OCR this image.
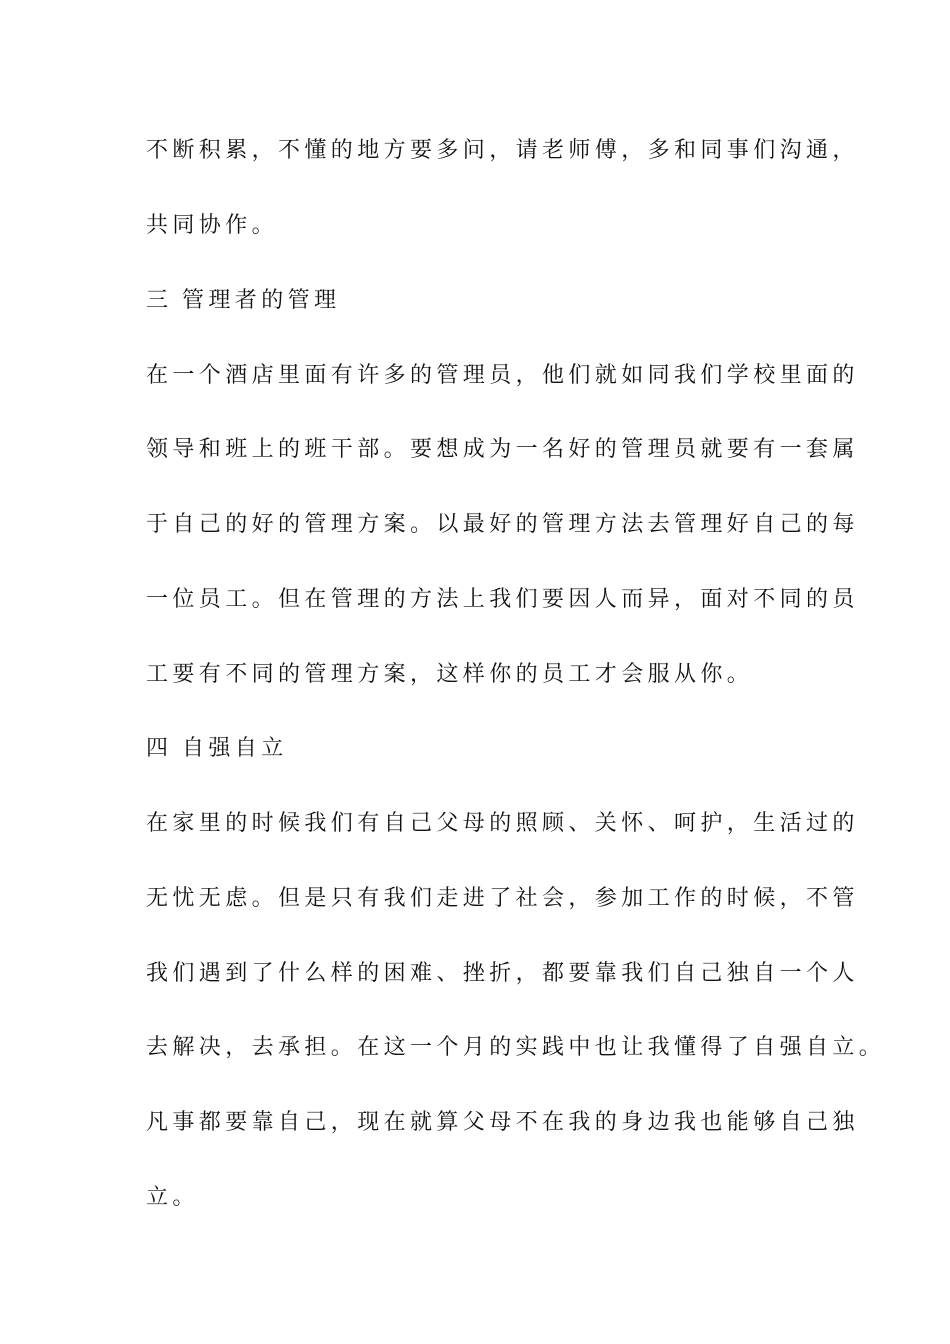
不断积累，不懂的地方要多问，请老师傅，多和同事们沟通，
共同协作。
三 管理者的管理
在一个酒店里面有许多的管理员，他们就如同我们学校里面的
领导和班上的班干部。要想成为一名好的管理员就要有一套属
于自己的好的管理方案。以最好的管理方法去管理好自己的每
一位员工。但在管理的方法上我们要因人而异，面对不同的员
工要有不同的管理方案，这样你的员工才会服从你。
四 自强自立
在家里的时候我们有自己父母的照顾、关怀、呵护，生活过的
无忧无虑。但是只有我们走进了社会，参加工作的时候，不管
我们遇到了什么样的困难、挫折，都要靠我们自己独自一个人
去解决，去承担。在这一个月的实践中也让我懂得了自强自立。
凡事都要靠自己，现在就算父母不在我的身边我也能够自己独
立。
